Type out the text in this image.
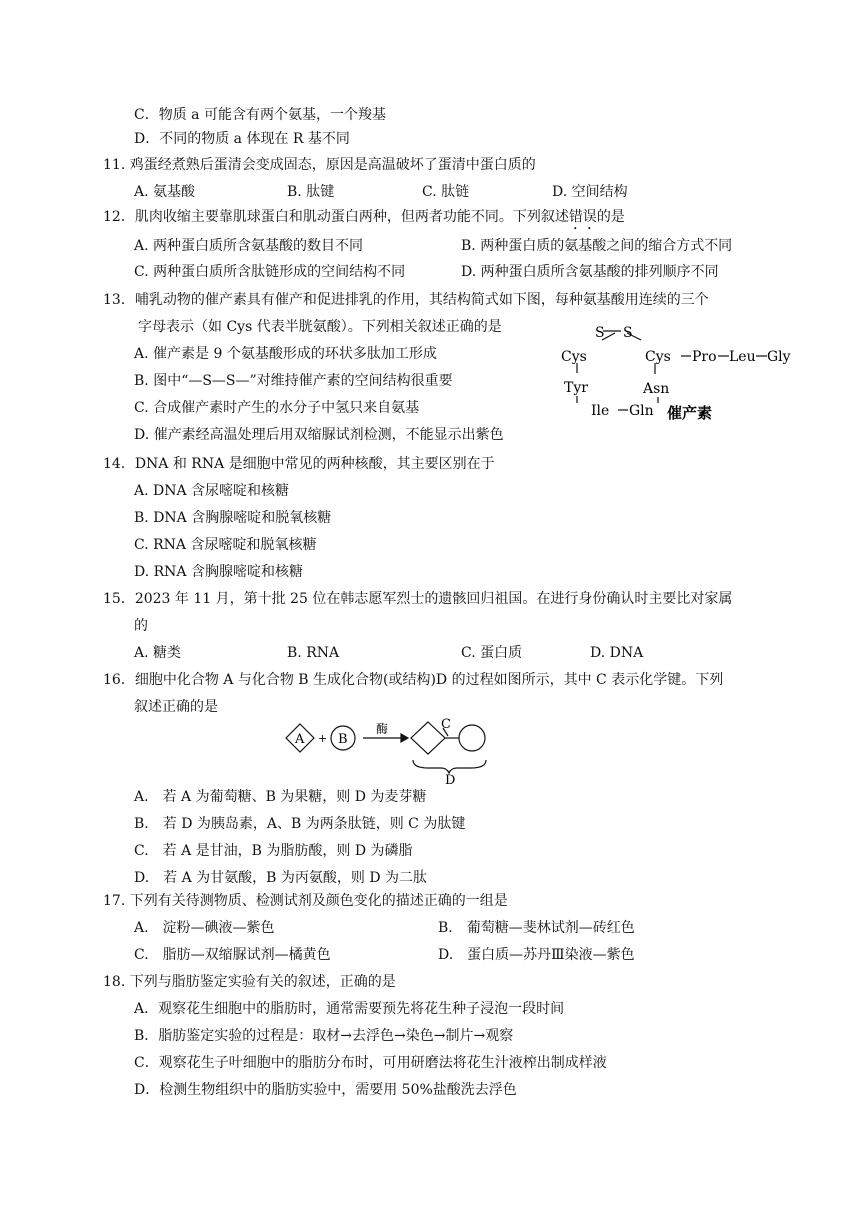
C．物质 a 可能含有两个氨基，一个羧基
D．不同的物质 a 体现在 R 基不同
11. 鸡蛋经煮熟后蛋清会变成固态，原因是高温破坏了蛋清中蛋白质的
A. 氨基酸	B. 肽键	C. 肽链	D. 空间结构
12．肌肉收缩主要靠肌球蛋白和肌动蛋白两种，但两者功能不同。下列叙述错误的是
A. 两种蛋白质所含氨基酸的数目不同	B. 两种蛋白质的氨基酸之间的缩合方式不同
C. 两种蛋白质所含肽链形成的空间结构不同	D. 两种蛋白质所含氨基酸的排列顺序不同
13．哺乳动物的催产素具有催产和促进排乳的作用，其结构简式如下图，每种氨基酸用连续的三个
字母表示（如 Cys 代表半胱氨酸）。下列相关叙述正确的是
A. 催产素是 9 个氨基酸形成的环状多肽加工形成
B. 图中“—S—S—”对维持催产素的空间结构很重要
C. 合成催产素时产生的水分子中氢只来自氨基
D. 催产素经高温处理后用双缩脲试剂检测，不能显示出紫色
S S
Cys	Cys Pro Leu Gly
Tyr	Asn
Ile Gln 催产素
14．DNA 和 RNA 是细胞中常见的两种核酸，其主要区别在于
A. DNA 含尿嘧啶和核糖
B. DNA 含胸腺嘧啶和脱氧核糖
C. RNA 含尿嘧啶和脱氧核糖
D. RNA 含胸腺嘧啶和核糖
15．2023 年 11 月，第十批 25 位在韩志愿军烈士的遗骸回归祖国。在进行身份确认时主要比对家属
的
A. 糖类	B. RNA	C. 蛋白质	D. DNA
16．细胞中化合物 A 与化合物 B 生成化合物(或结构)D 的过程如图所示，其中 C 表示化学键。下列
叙述正确的是
A + B
酶	C
D
A.　若 A 为葡萄糖、B 为果糖，则 D 为麦芽糖
B.　若 D 为胰岛素，A、B 为两条肽链，则 C 为肽键
C.　若 A 是甘油，B 为脂肪酸，则 D 为磷脂
D.　若 A 为甘氨酸，B 为丙氨酸，则 D 为二肽
17. 下列有关待测物质、检测试剂及颜色变化的描述正确的一组是
A.　淀粉—碘液—紫色	B.　葡萄糖—斐林试剂—砖红色
C.　脂肪—双缩脲试剂—橘黄色	D.　蛋白质—苏丹Ⅲ染液—紫色
18. 下列与脂肪鉴定实验有关的叙述，正确的是
A．观察花生细胞中的脂肪时，通常需要预先将花生种子浸泡一段时间
B．脂肪鉴定实验的过程是：取材→去浮色→染色→制片→观察
C．观察花生子叶细胞中的脂肪分布时，可用研磨法将花生汁液榨出制成样液
D．检测生物组织中的脂肪实验中，需要用 50%盐酸洗去浮色
